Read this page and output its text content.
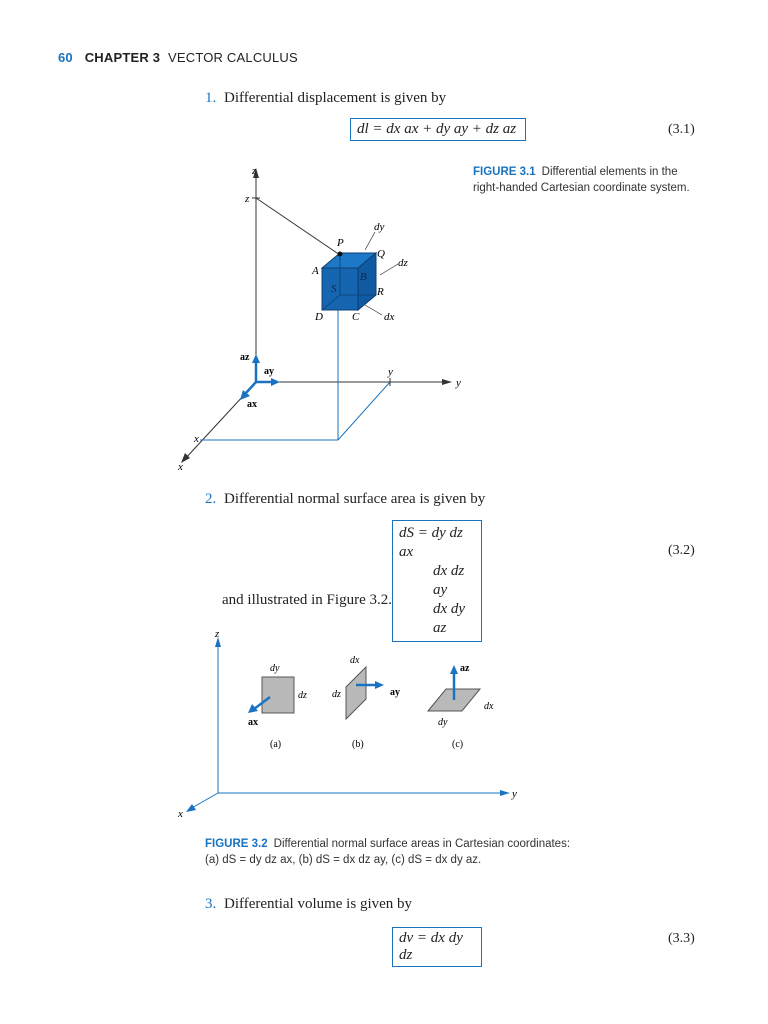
60 CHAPTER 3 VECTOR CALCULUS
1. Differential displacement is given by
dl = dx ax + dy ay + dz az	(3.1)
FIGURE 3.1 Differential elements in the
right-handed Cartesian coordinate system.
z
z
y
y
x
x
P
Q
A	B
S	R
D	C
dy
dz
dx
az
ay
ax
2. Differential normal surface area is given by
dS = dy dz ax
dx dz ay
dx dy az
(3.2)
and illustrated in Figure 3.2.
z
y
x
dy
dz
ax
(a)
dx
dz	ay
(b)
az
dx
dy
(c)
FIGURE 3.2 Differential normal surface areas in Cartesian coordinates:
(a) dS = dy dz ax, (b) dS = dx dz ay, (c) dS = dx dy az.
3. Differential volume is given by
dv = dx dy dz
(3.3)
